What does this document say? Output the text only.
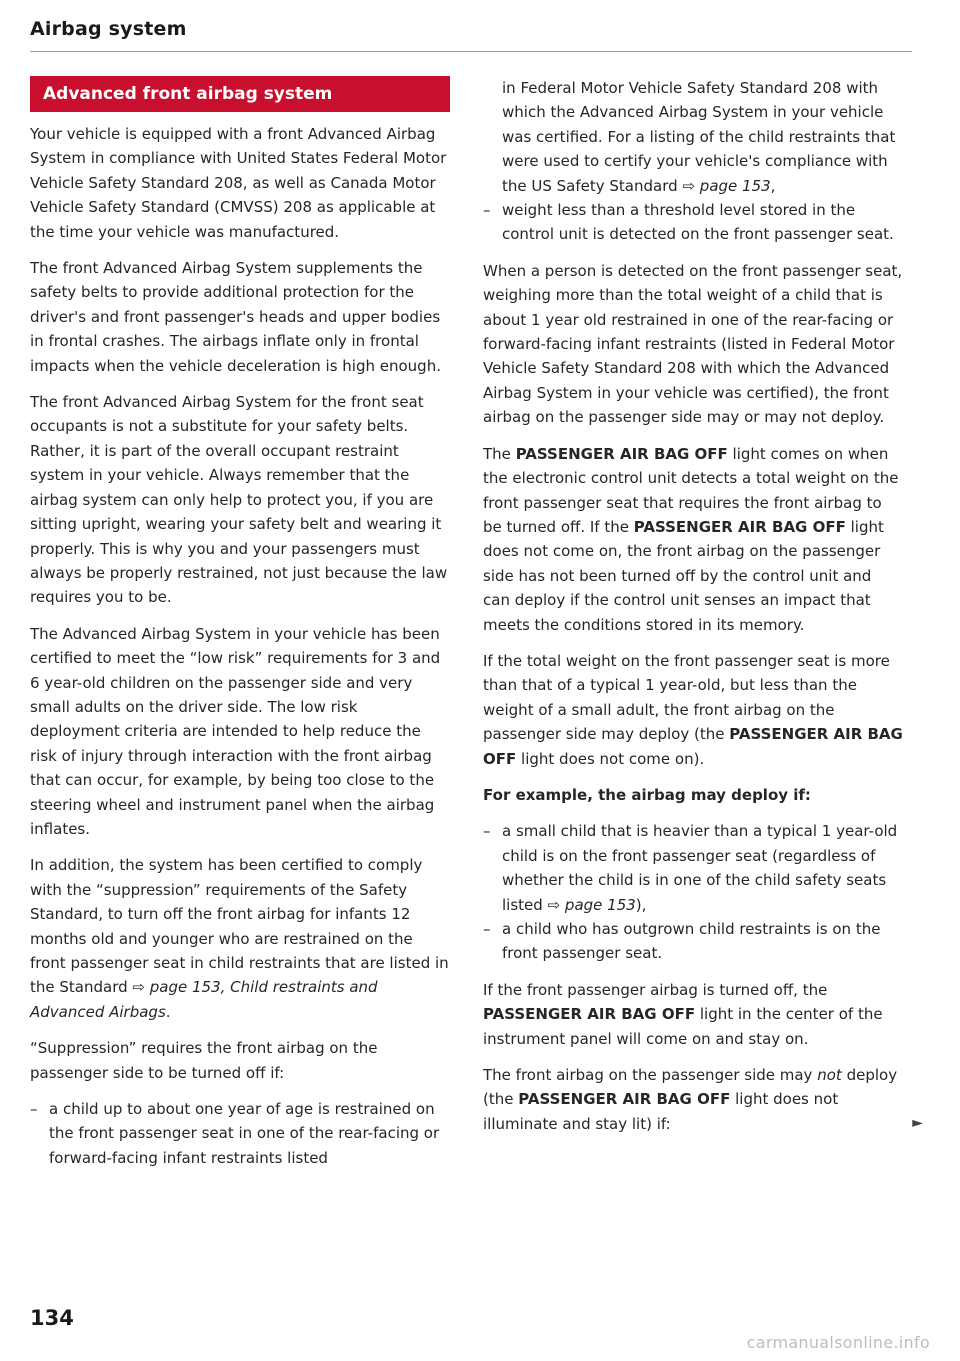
Airbag system
Advanced front airbag system

Your vehicle is equipped with a front Advanced Airbag System in compliance with United States Federal Motor Vehicle Safety Standard 208, as well as Canada Motor Vehicle Safety Standard (CMVSS) 208 as applicable at the time your vehicle was manufactured.

The front Advanced Airbag System supplements the safety belts to provide additional protection for the driver's and front passenger's heads and upper bodies in frontal crashes. The airbags inflate only in frontal impacts when the vehicle deceleration is high enough.

The front Advanced Airbag System for the front seat occupants is not a substitute for your safety belts. Rather, it is part of the overall occupant restraint system in your vehicle. Always remember that the airbag system can only help to protect you, if you are sitting upright, wearing your safety belt and wearing it properly. This is why you and your passengers must always be properly restrained, not just because the law requires you to be.

The Advanced Airbag System in your vehicle has been certified to meet the “low risk” requirements for 3 and 6 year-old children on the passenger side and very small adults on the driver side. The low risk deployment criteria are intended to help reduce the risk of injury through interaction with the front airbag that can occur, for example, by being too close to the steering wheel and instrument panel when the airbag inflates.

In addition, the system has been certified to comply with the “suppression” requirements of the Safety Standard, to turn off the front airbag for infants 12 months old and younger who are restrained on the front passenger seat in child restraints that are listed in the Standard ⇨ page 153, Child restraints and Advanced Airbags.

“Suppression” requires the front airbag on the passenger side to be turned off if:

– a child up to about one year of age is restrained on the front passenger seat in one of the rear-facing or forward-facing infant restraints listed
in Federal Motor Vehicle Safety Standard 208 with which the Advanced Airbag System in your vehicle was certified. For a listing of the child restraints that were used to certify your vehicle's compliance with the US Safety Standard ⇨ page 153,
– weight less than a threshold level stored in the control unit is detected on the front passenger seat.

When a person is detected on the front passenger seat, weighing more than the total weight of a child that is about 1 year old restrained in one of the rear-facing or forward-facing infant restraints (listed in Federal Motor Vehicle Safety Standard 208 with which the Advanced Airbag System in your vehicle was certified), the front airbag on the passenger side may or may not deploy.

The PASSENGER AIR BAG OFF light comes on when the electronic control unit detects a total weight on the front passenger seat that requires the front airbag to be turned off. If the PASSENGER AIR BAG OFF light does not come on, the front airbag on the passenger side has not been turned off by the control unit and can deploy if the control unit senses an impact that meets the conditions stored in its memory.

If the total weight on the front passenger seat is more than that of a typical 1 year-old, but less than the weight of a small adult, the front airbag on the passenger side may deploy (the PASSENGER AIR BAG OFF light does not come on).

For example, the airbag may deploy if:
– a small child that is heavier than a typical 1 year-old child is on the front passenger seat (regardless of whether the child is in one of the child safety seats listed ⇨ page 153),
– a child who has outgrown child restraints is on the front passenger seat.

If the front passenger airbag is turned off, the PASSENGER AIR BAG OFF light in the center of the instrument panel will come on and stay on.

The front airbag on the passenger side may not deploy (the PASSENGER AIR BAG OFF light does not illuminate and stay lit) if:	►

134
carmanualsonline.info
